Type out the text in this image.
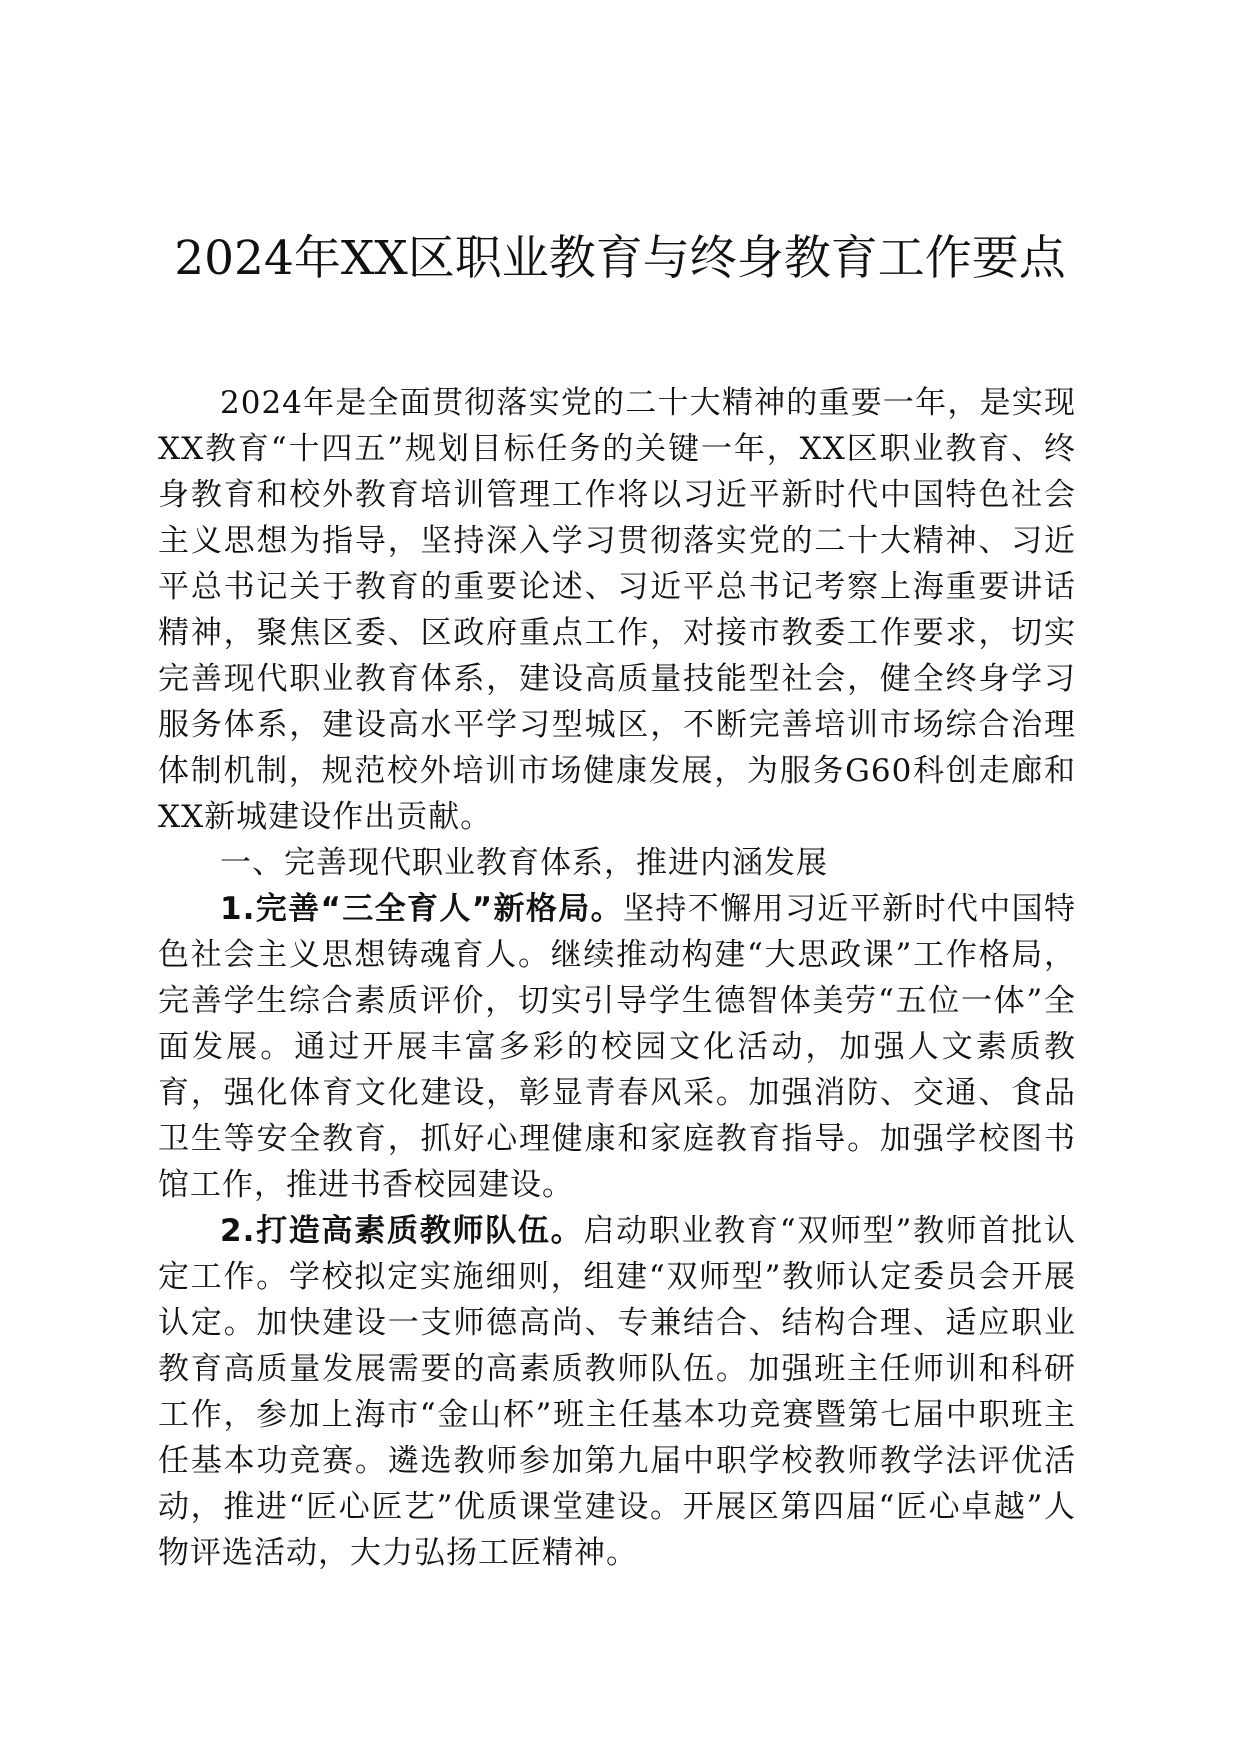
2024年XX区职业教育与终身教育工作要点

2024年是全面贯彻落实党的二十大精神的重要一年，是实现XX教育“十四五”规划目标任务的关键一年，XX区职业教育、终身教育和校外教育培训管理工作将以习近平新时代中国特色社会主义思想为指导，坚持深入学习贯彻落实党的二十大精神、习近平总书记关于教育的重要论述、习近平总书记考察上海重要讲话精神，聚焦区委、区政府重点工作，对接市教委工作要求，切实完善现代职业教育体系，建设高质量技能型社会，健全终身学习服务体系，建设高水平学习型城区，不断完善培训市场综合治理体制机制，规范校外培训市场健康发展，为服务G60科创走廊和XX新城建设作出贡献。

一、完善现代职业教育体系，推进内涵发展

1.完善“三全育人”新格局。坚持不懈用习近平新时代中国特色社会主义思想铸魂育人。继续推动构建“大思政课”工作格局，完善学生综合素质评价，切实引导学生德智体美劳“五位一体”全面发展。通过开展丰富多彩的校园文化活动，加强人文素质教育，强化体育文化建设，彰显青春风采。加强消防、交通、食品卫生等安全教育，抓好心理健康和家庭教育指导。加强学校图书馆工作，推进书香校园建设。

2.打造高素质教师队伍。启动职业教育“双师型”教师首批认定工作。学校拟定实施细则，组建“双师型”教师认定委员会开展认定。加快建设一支师德高尚、专兼结合、结构合理、适应职业教育高质量发展需要的高素质教师队伍。加强班主任师训和科研工作，参加上海市“金山杯”班主任基本功竞赛暨第七届中职班主任基本功竞赛。遴选教师参加第九届中职学校教师教学法评优活动，推进“匠心匠艺”优质课堂建设。开展区第四届“匠心卓越”人物评选活动，大力弘扬工匠精神。
